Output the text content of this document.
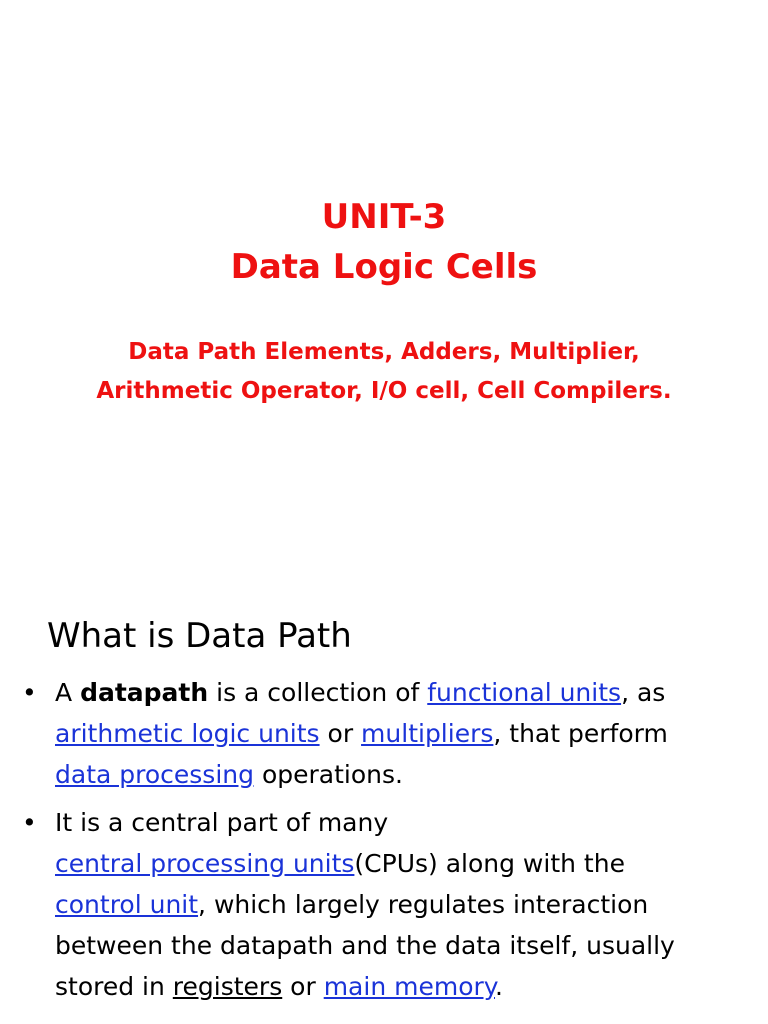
UNIT-3
Data Logic Cells
Data Path Elements, Adders, Multiplier,
Arithmetic Operator, I/O cell, Cell Compilers.
What is Data Path
• A datapath is a collection of functional units, as
arithmetic logic units or multipliers, that perform
data processing operations.
• It is a central part of many
central processing units(CPUs) along with the
control unit, which largely regulates interaction
between the datapath and the data itself, usually
stored in registers or main memory.
